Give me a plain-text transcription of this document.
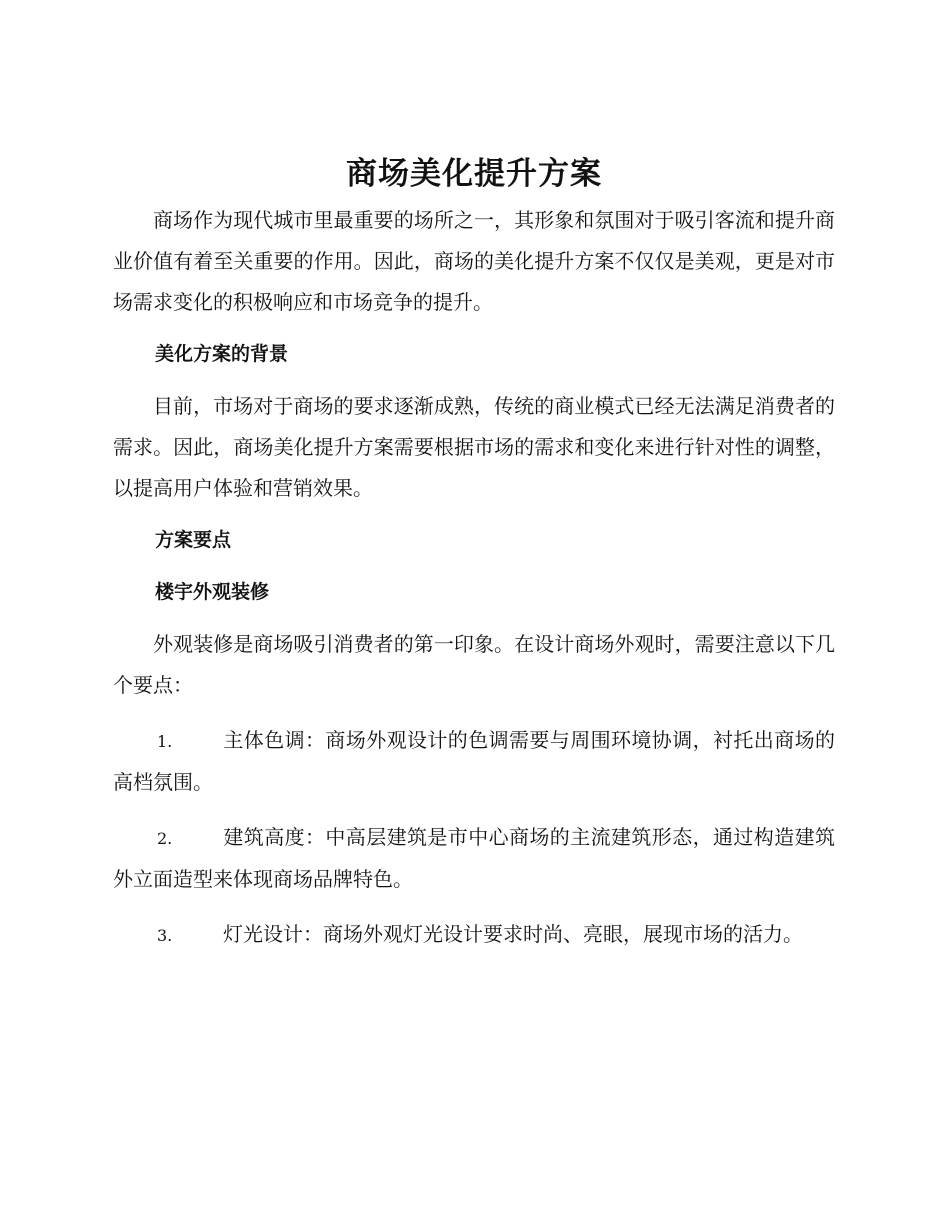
商场美化提升方案

商场作为现代城市里最重要的场所之一，其形象和氛围对于吸引客流和提升商业价值有着至关重要的作用。因此，商场的美化提升方案不仅仅是美观，更是对市场需求变化的积极响应和市场竞争的提升。

美化方案的背景

目前，市场对于商场的要求逐渐成熟，传统的商业模式已经无法满足消费者的需求。因此，商场美化提升方案需要根据市场的需求和变化来进行针对性的调整，以提高用户体验和营销效果。

方案要点
楼宇外观装修

外观装修是商场吸引消费者的第一印象。在设计商场外观时，需要注意以下几个要点：

1.	主体色调：商场外观设计的色调需要与周围环境协调，衬托出商场的高档氛围。

2.	建筑高度：中高层建筑是市中心商场的主流建筑形态，通过构造建筑外立面造型来体现商场品牌特色。

3.	灯光设计：商场外观灯光设计要求时尚、亮眼，展现市场的活力。
